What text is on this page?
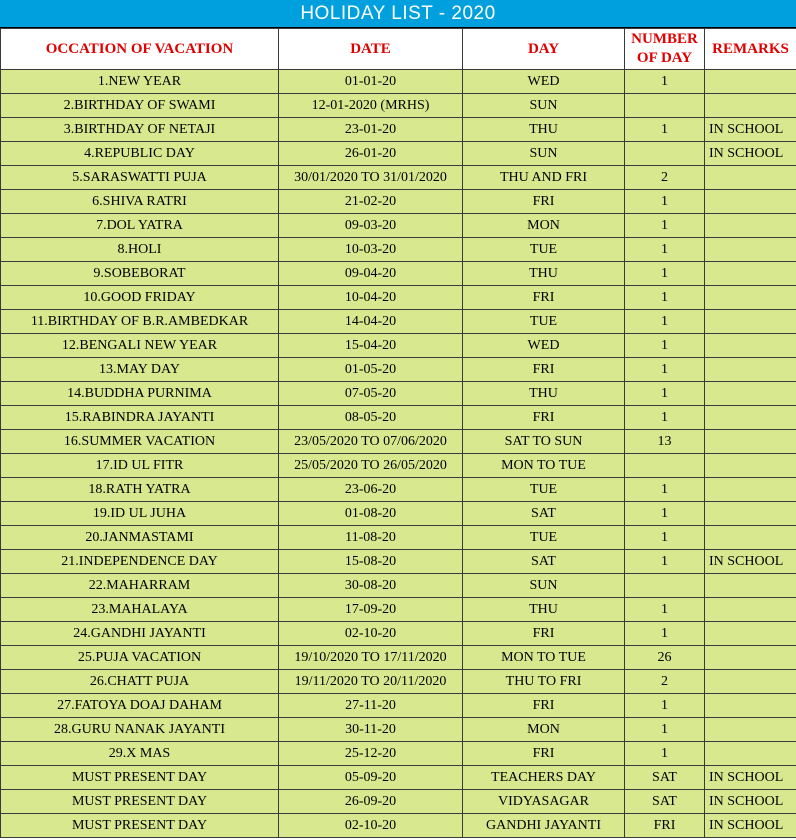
HOLIDAY LIST - 2020
OCCATION OF VACATION	DATE	DAY	NUMBER OF DAY	REMARKS
1.NEW YEAR	01-01-20	WED	1	
2.BIRTHDAY OF SWAMI	12-01-2020 (MRHS)	SUN		
3.BIRTHDAY OF NETAJI	23-01-20	THU	1	IN SCHOOL
4.REPUBLIC DAY	26-01-20	SUN		IN SCHOOL
5.SARASWATTI PUJA	30/01/2020 TO 31/01/2020	THU AND FRI	2	
6.SHIVA RATRI	21-02-20	FRI	1	
7.DOL YATRA	09-03-20	MON	1	
8.HOLI	10-03-20	TUE	1	
9.SOBEBORAT	09-04-20	THU	1	
10.GOOD FRIDAY	10-04-20	FRI	1	
11.BIRTHDAY OF B.R.AMBEDKAR	14-04-20	TUE	1	
12.BENGALI NEW YEAR	15-04-20	WED	1	
13.MAY DAY	01-05-20	FRI	1	
14.BUDDHA PURNIMA	07-05-20	THU	1	
15.RABINDRA JAYANTI	08-05-20	FRI	1	
16.SUMMER VACATION	23/05/2020 TO 07/06/2020	SAT TO SUN	13	
17.ID UL FITR	25/05/2020 TO 26/05/2020	MON TO TUE		
18.RATH YATRA	23-06-20	TUE	1	
19.ID UL JUHA	01-08-20	SAT	1	
20.JANMASTAMI	11-08-20	TUE	1	
21.INDEPENDENCE DAY	15-08-20	SAT	1	IN SCHOOL
22.MAHARRAM	30-08-20	SUN		
23.MAHALAYA	17-09-20	THU	1	
24.GANDHI JAYANTI	02-10-20	FRI	1	
25.PUJA VACATION	19/10/2020 TO 17/11/2020	MON TO TUE	26	
26.CHATT PUJA	19/11/2020 TO 20/11/2020	THU TO FRI	2	
27.FATOYA DOAJ DAHAM	27-11-20	FRI	1	
28.GURU NANAK JAYANTI	30-11-20	MON	1	
29.X MAS	25-12-20	FRI	1	
MUST PRESENT DAY	05-09-20	TEACHERS DAY	SAT	IN SCHOOL
MUST PRESENT DAY	26-09-20	VIDYASAGAR	SAT	IN SCHOOL
MUST PRESENT DAY	02-10-20	GANDHI JAYANTI	FRI	IN SCHOOL
